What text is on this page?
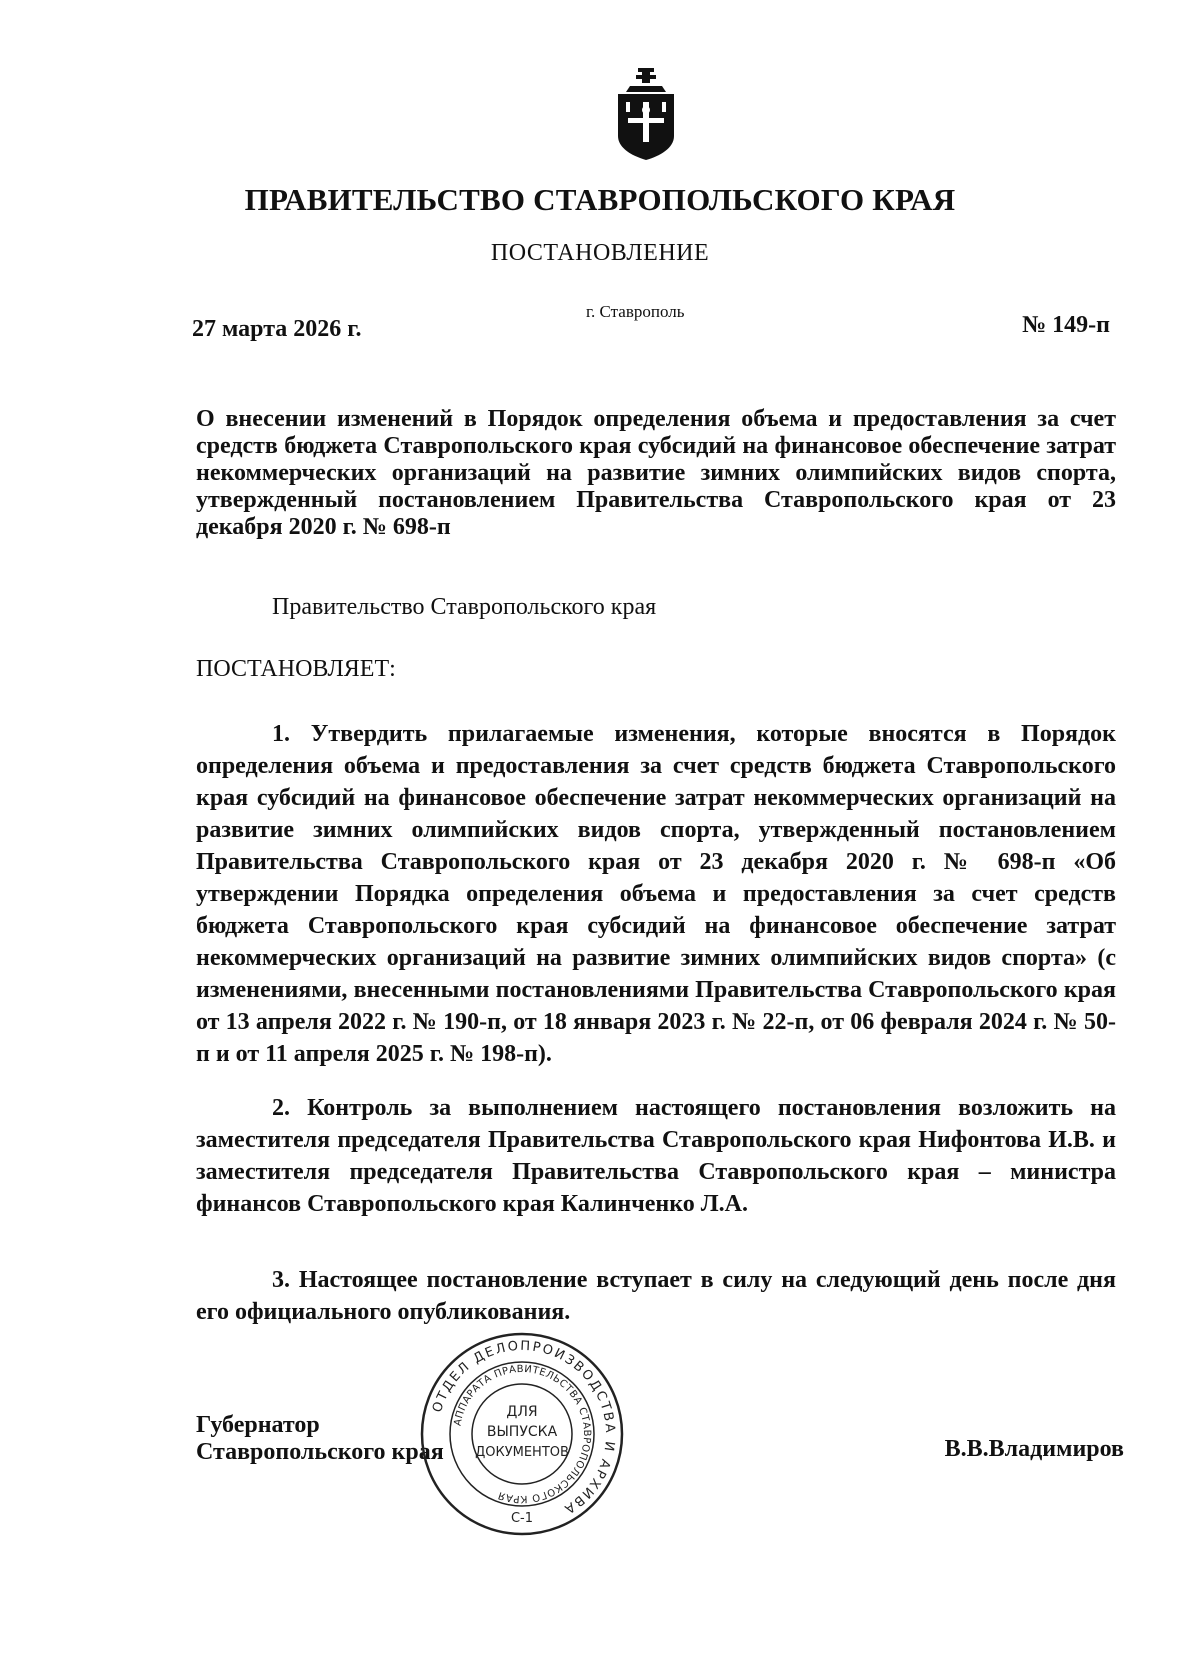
ПРАВИТЕЛЬСТВО СТАВРОПОЛЬСКОГО КРАЯ
ПОСТАНОВЛЕНИЕ
г. Ставрополь
27 марта 2026 г.	№ 149-п
О внесении изменений в Порядок определения объема и предоставления за счет средств бюджета Ставропольского края субсидий на финансовое обеспечение затрат некоммерческих организаций на развитие зимних олимпийских видов спорта, утвержденный постановлением Правительства Ставропольского края от 23 декабря 2020 г. № 698-п
Правительство Ставропольского края
ПОСТАНОВЛЯЕТ:
1. Утвердить прилагаемые изменения, которые вносятся в Порядок определения объема и предоставления за счет средств бюджета Ставропольского края субсидий на финансовое обеспечение затрат некоммерческих организаций на развитие зимних олимпийских видов спорта, утвержденный постановлением Правительства Ставропольского края от 23 декабря 2020 г. № 698-п «Об утверждении Порядка определения объема и предоставления за счет средств бюджета Ставропольского края субсидий на финансовое обеспечение затрат некоммерческих организаций на развитие зимних олимпийских видов спорта» (с изменениями, внесенными постановлениями Правительства Ставропольского края от 13 апреля 2022 г. № 190-п, от 18 января 2023 г. № 22-п, от 06 февраля 2024 г. № 50-п и от 11 апреля 2025 г. № 198-п).
2. Контроль за выполнением настоящего постановления возложить на заместителя председателя Правительства Ставропольского края Нифонтова И.В. и заместителя председателя Правительства Ставропольского края – министра финансов Ставропольского края Калинченко Л.А.
3. Настоящее постановление вступает в силу на следующий день после дня его официального опубликования.
Губернатор
Ставропольского края	В.В.Владимиров
ОТДЕЛ ДЕЛОПРОИЗВОДСТВА И АРХИВА
АППАРАТА ПРАВИТЕЛЬСТВА СТАВРОПОЛЬСКОГО КРАЯ
ДЛЯ
ВЫПУСКА
ДОКУМЕНТОВ
С-1
